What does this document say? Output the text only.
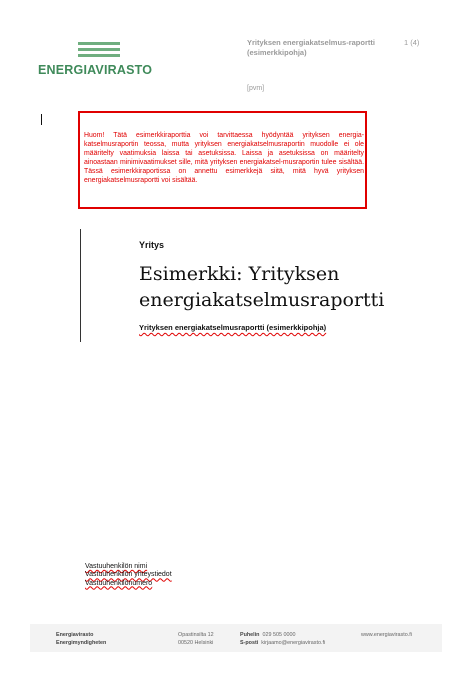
ENERGIAVIRASTO
Yrityksen energiakatselmus-raportti (esimerkkipohja)
1 (4)
[pvm]
Huom! Tätä esimerkkiraporttia voi tarvittaessa hyödyntää yrityksen energia-katselmusraportin teossa, mutta yrityksen energiakatselmusraportin muodolle ei ole määritelty vaatimuksia laissa tai asetuksissa. Laissa ja asetuksissa on määritelty ainoastaan minimivaatimukset sille, mitä yrityksen energiakatsel-musraportin tulee sisältää. Tässä esimerkkiraportissa on annettu esimerkkejä siitä, mitä hyvä yrityksen energiakatselmusraportti voi sisältää.
Yritys
Esimerkki: Yrityksen energiakatselmusraportti
Yrityksen energiakatselmusraportti (esimerkkipohja)
Vastuuhenkilön nimi
Vastuuhenkilön yhteystiedot
Vastuuhenkilönumero
Energiavirasto
Energimyndigheten
Opastinsilta 12
00520 Helsinki
Puhelin 029 505 0000
S-posti kirjaamo@energiavirasto.fi
www.energiavirasto.fi
